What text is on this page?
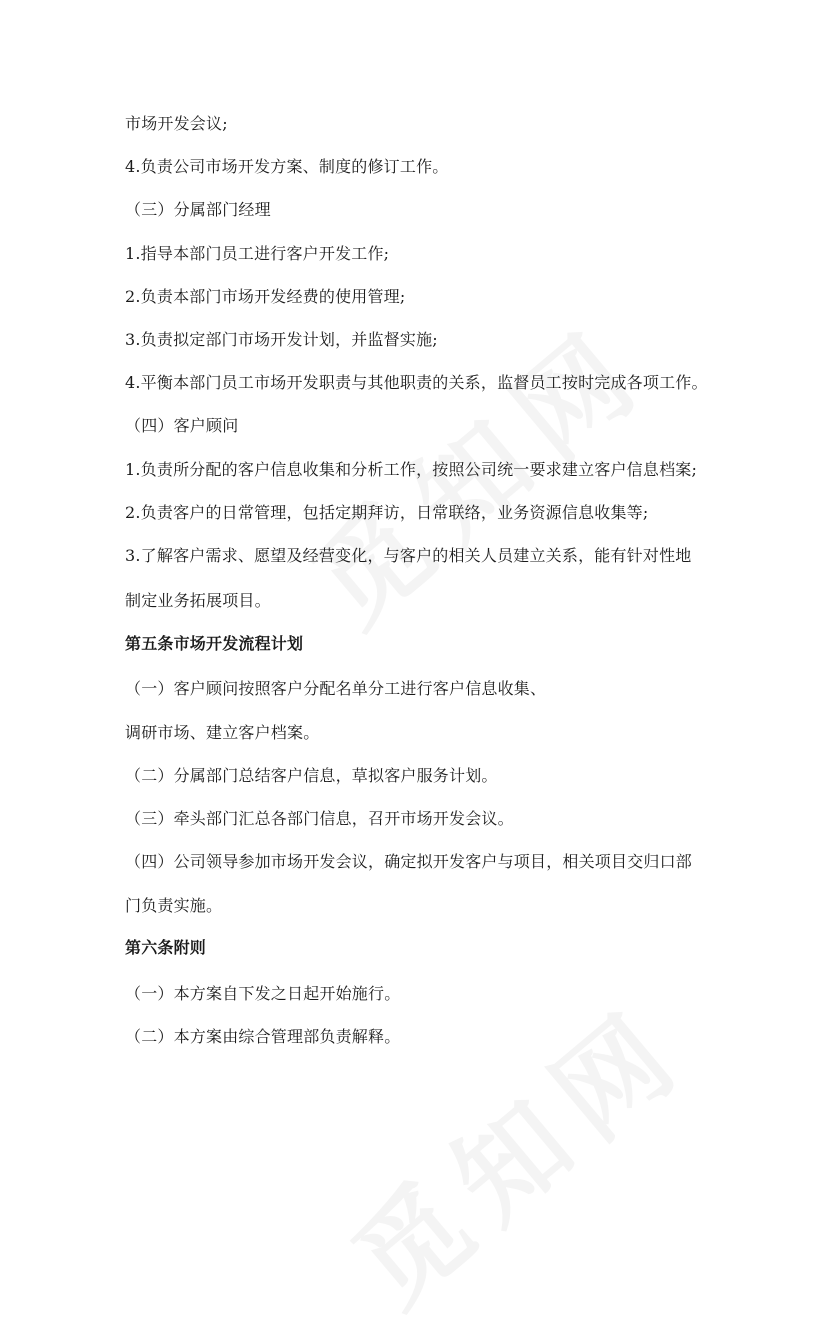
市场开发会议;
4.负责公司市场开发方案、制度的修订工作。
（三）分属部门经理
1.指导本部门员工进行客户开发工作;
2.负责本部门市场开发经费的使用管理;
3.负责拟定部门市场开发计划，并监督实施;
4.平衡本部门员工市场开发职责与其他职责的关系，监督员工按时完成各项工作。
（四）客户顾问
1.负责所分配的客户信息收集和分析工作，按照公司统一要求建立客户信息档案;
2.负责客户的日常管理，包括定期拜访，日常联络，业务资源信息收集等;
3.了解客户需求、愿望及经营变化，与客户的相关人员建立关系，能有针对性地
制定业务拓展项目。
第五条市场开发流程计划
（一）客户顾问按照客户分配名单分工进行客户信息收集、
调研市场、建立客户档案。
（二）分属部门总结客户信息，草拟客户服务计划。
（三）牵头部门汇总各部门信息，召开市场开发会议。
（四）公司领导参加市场开发会议，确定拟开发客户与项目，相关项目交归口部
门负责实施。
第六条附则
（一）本方案自下发之日起开始施行。
（二）本方案由综合管理部负责解释。
